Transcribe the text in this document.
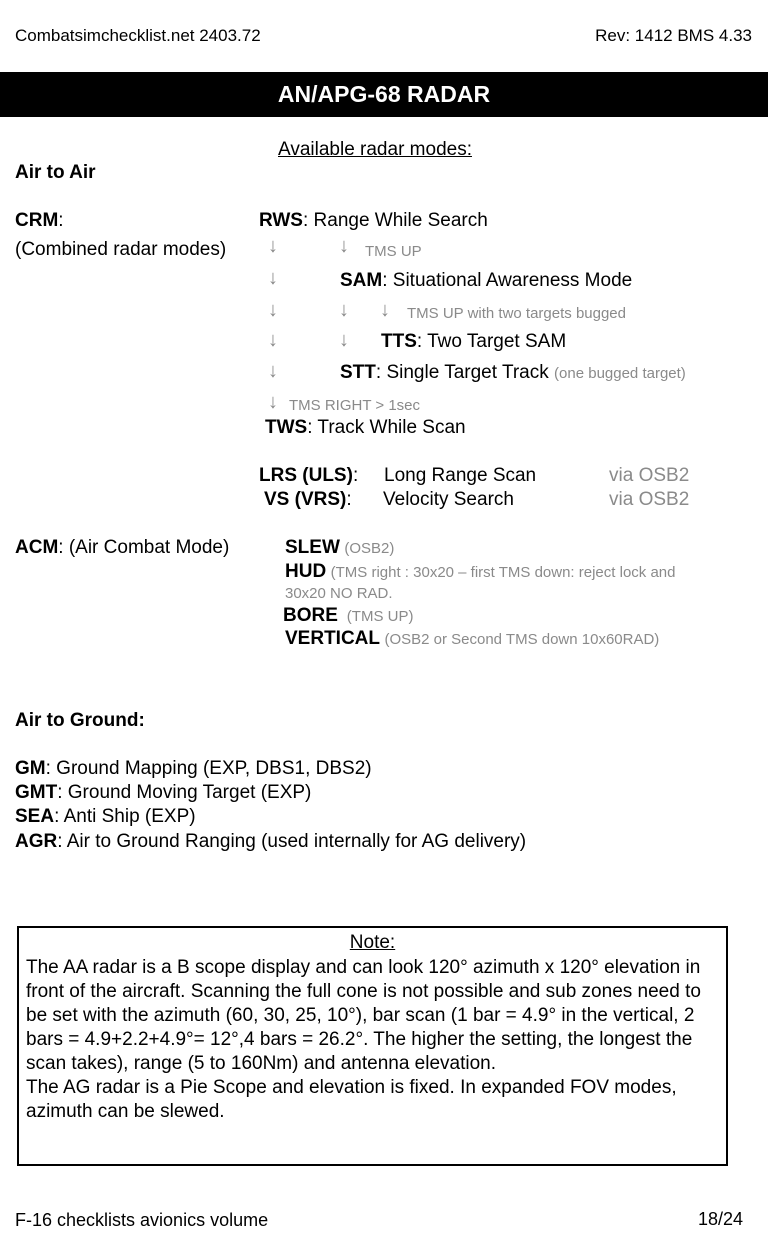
Combatsimchecklist.net 2403.72	Rev: 1412 BMS 4.33
AN/APG-68 RADAR
Available radar modes:
Air to Air
CRM:
(Combined radar modes)
RWS: Range While Search
↓
↓
↓
↓
↓
↓
↓ TMS UP
↓
↓
SAM: Situational Awareness Mode
↓ TMS UP with two targets bugged
TTS: Two Target SAM
STT: Single Target Track (one bugged target)
TMS RIGHT > 1sec
TWS: Track While Scan
LRS (ULS): Long Range Scan	via OSB2
VS (VRS): Velocity Search	via OSB2
ACM: (Air Combat Mode)	SLEW (OSB2)
HUD (TMS right : 30x20 – first TMS down: reject lock and
30x20 NO RAD.
BORE (TMS UP)
VERTICAL (OSB2 or Second TMS down 10x60RAD)
Air to Ground:
GM: Ground Mapping (EXP, DBS1, DBS2)
GMT: Ground Moving Target (EXP)
SEA: Anti Ship (EXP)
AGR: Air to Ground Ranging (used internally for AG delivery)
Note:

The AA radar is a B scope display and can look 120° azimuth x 120° elevation in front of the aircraft. Scanning the full cone is not possible and sub zones need to be set with the azimuth (60, 30, 25, 10°), bar scan (1 bar = 4.9° in the vertical, 2 bars = 4.9+2.2+4.9°= 12°,4 bars = 26.2°. The higher the setting, the longest the scan takes), range (5 to 160Nm) and antenna elevation.

The AG radar is a Pie Scope and elevation is fixed. In expanded FOV modes, azimuth can be slewed.

F-16 checklists avionics volume	18/24
